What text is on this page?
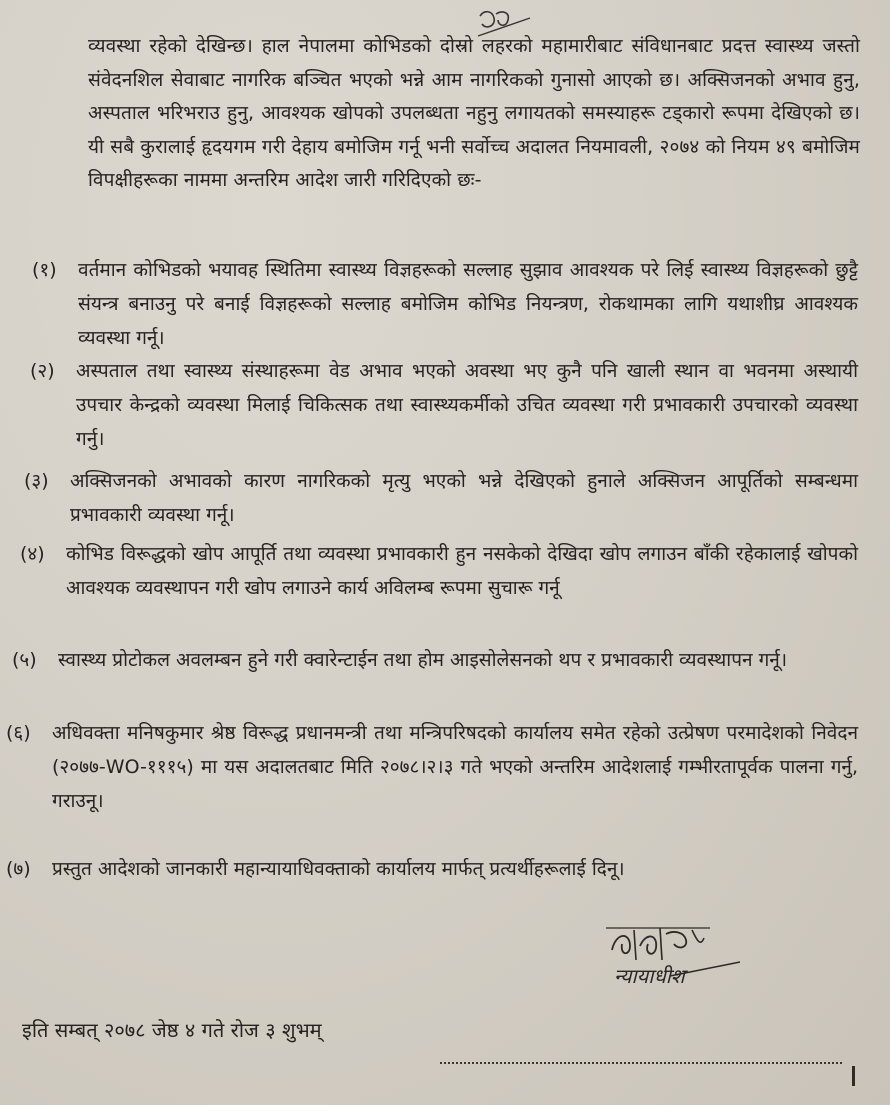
व्यवस्था रहेको देखिन्छ। हाल नेपालमा कोभिडको दोस्रो लहरको महामारीबाट संविधानबाट प्रदत्त स्वास्थ्य जस्तो संवेदनशिल सेवाबाट नागरिक बञ्चित भएको भन्ने आम नागरिकको गुनासो आएको छ। अक्सिजनको अभाव हुनु, अस्पताल भरिभराउ हुनु, आवश्यक खोपको उपलब्धता नहुनु लगायतको समस्याहरू टड्कारो रूपमा देखिएको छ। यी सबै कुरालाई हृदयगम गरी देहाय बमोजिम गर्नू भनी सर्वोच्च अदालत नियमावली, २०७४ को नियम ४९ बमोजिम विपक्षीहरूका नाममा अन्तरिम आदेश जारी गरिदिएको छः-
(१)	वर्तमान कोभिडको भयावह स्थितिमा स्वास्थ्य विज्ञहरूको सल्लाह सुझाव आवश्यक परे लिई स्वास्थ्य विज्ञहरूको छुट्टै संयन्त्र बनाउनु परे बनाई विज्ञहरूको सल्लाह बमोजिम कोभिड नियन्त्रण, रोकथामका लागि यथाशीघ्र आवश्यक व्यवस्था गर्नू।
(२)	अस्पताल तथा स्वास्थ्य संस्थाहरूमा वेड अभाव भएको अवस्था भए कुनै पनि खाली स्थान वा भवनमा अस्थायी उपचार केन्द्रको व्यवस्था मिलाई चिकित्सक तथा स्वास्थ्यकर्मीको उचित व्यवस्था गरी प्रभावकारी उपचारको व्यवस्था गर्नु।
(३)	अक्सिजनको अभावको कारण नागरिकको मृत्यु भएको भन्ने देखिएको हुनाले अक्सिजन आपूर्तिको सम्बन्धमा प्रभावकारी व्यवस्था गर्नू।
(४)	कोभिड विरूद्धको खोप आपूर्ति तथा व्यवस्था प्रभावकारी हुन नसकेको देखिदा खोप लगाउन बाँकी रहेकालाई खोपको आवश्यक व्यवस्थापन गरी खोप लगाउने कार्य अविलम्ब रूपमा सुचारू गर्नू
(५)	स्वास्थ्य प्रोटोकल अवलम्बन हुने गरी क्वारेन्टाईन तथा होम आइसोलेसनको थप र प्रभावकारी व्यवस्थापन गर्नू।
(६)	अधिवक्ता मनिषकुमार श्रेष्ठ विरूद्ध प्रधानमन्त्री तथा मन्त्रिपरिषदको कार्यालय समेत रहेको उत्प्रेषण परमादेशको निवेदन (२०७७-WO-१११५) मा यस अदालतबाट मिति २०७८।२।३ गते भएको अन्तरिम आदेशलाई गम्भीरतापूर्वक पालना गर्नु, गराउनू।
(७)	प्रस्तुत आदेशको जानकारी महान्यायाधिवक्ताको कार्यालय मार्फत् प्रत्यर्थीहरूलाई दिनू।
न्यायाधीश
इति सम्बत् २०७८ जेष्ठ ४ गते रोज ३ शुभम्
